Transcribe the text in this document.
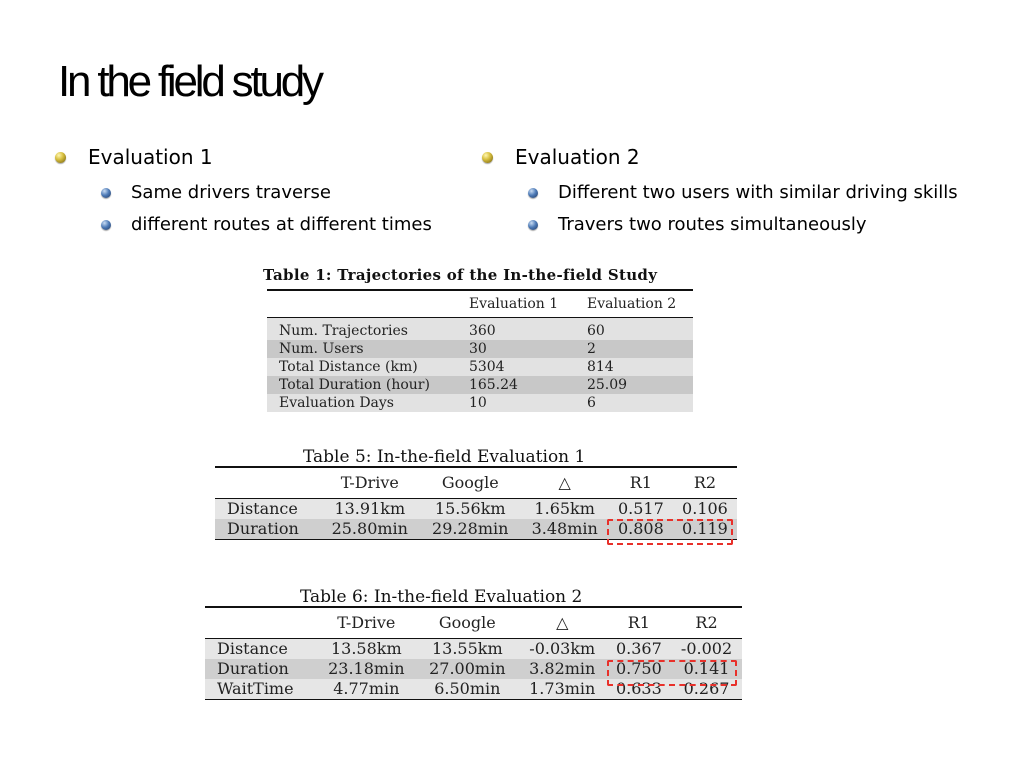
In the field study
Evaluation 1
Same drivers traverse
different routes at different times
Evaluation 2
Different two users with similar driving skills
Travers two routes simultaneously
Table 1: Trajectories of the In-the-field Study
	Evaluation 1	Evaluation 2
Num. Trajectories	360	60
Num. Users	30	2
Total Distance (km)	5304	814
Total Duration (hour)	165.24	25.09
Evaluation Days	10	6
Table 5: In-the-field Evaluation 1
	T-Drive	Google	△	R1	R2
Distance	13.91km	15.56km	1.65km	0.517	0.106
Duration	25.80min	29.28min	3.48min	0.808	0.119
Table 6: In-the-field Evaluation 2
	T-Drive	Google	△	R1	R2
Distance	13.58km	13.55km	-0.03km	0.367	-0.002
Duration	23.18min	27.00min	3.82min	0.750	0.141
WaitTime	4.77min	6.50min	1.73min	0.633	0.267
